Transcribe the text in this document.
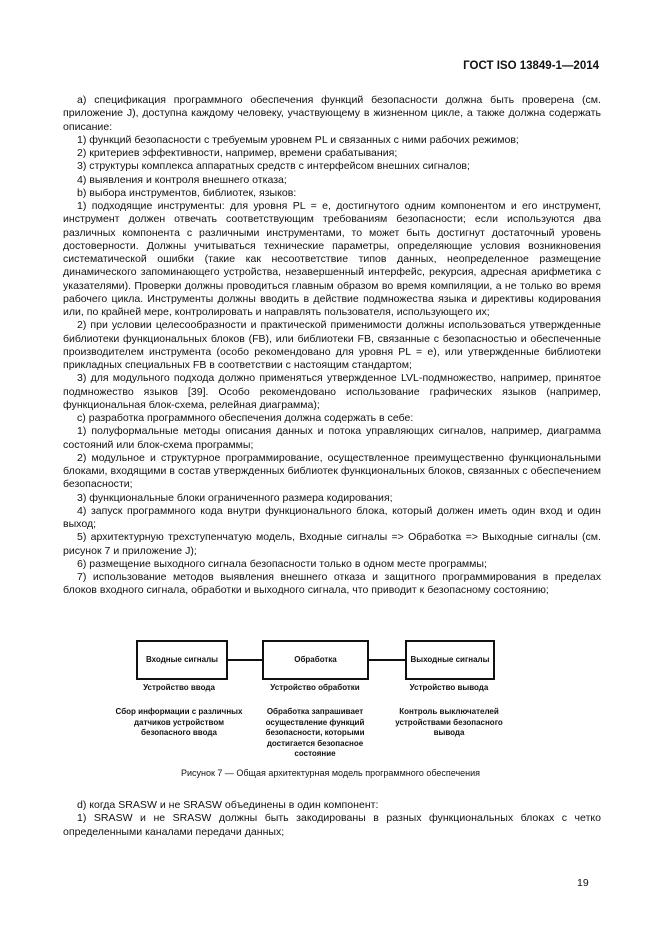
ГОСТ ISO 13849-1—2014

а) спецификация программного обеспечения функций безопасности должна быть проверена (см. приложение J), доступна каждому человеку, участвующему в жизненном цикле, а также должна содержать описание:

1) функций безопасности с требуемым уровнем PL и связанных с ними рабочих режимов;

2) критериев эффективности, например, времени срабатывания;

3) структуры комплекса аппаратных средств с интерфейсом внешних сигналов;

4) выявления и контроля внешнего отказа;

b) выбора инструментов, библиотек, языков:

1) подходящие инструменты: для уровня PL = e, достигнутого одним компонентом и его инструмент, инструмент должен отвечать соответствующим требованиям безопасности; если используются два различных компонента с различными инструментами, то может быть достигнут достаточный уровень достоверности. Должны учитываться технические параметры, определяющие условия возникновения систематической ошибки (такие как несоответствие типов данных, неопределенное размещение динамического запоминающего устройства, незавершенный интерфейс, рекурсия, адресная арифметика с указателями). Проверки должны проводиться главным образом во время компиляции, а не только во время рабочего цикла. Инструменты должны вводить в действие подмножества языка и директивы кодирования или, по крайней мере, контролировать и направлять пользователя, использующего их;

2) при условии целесообразности и практической применимости должны использоваться утвержденные библиотеки функциональных блоков (FB), или библиотеки FB, связанные с безопасностью и обеспеченные производителем инструмента (особо рекомендовано для уровня PL = e), или утвержденные библиотеки прикладных специальных FB в соответствии с настоящим стандартом;

3) для модульного подхода должно применяться утвержденное LVL-подмножество, например, принятое подмножество языков [39]. Особо рекомендовано использование графических языков (например, функциональная блок-схема, релейная диаграмма);

c) разработка программного обеспечения должна содержать в себе:

1) полуформальные методы описания данных и потока управляющих сигналов, например, диаграмма состояний или блок-схема программы;

2) модульное и структурное программирование, осуществленное преимущественно функциональными блоками, входящими в состав утвержденных библиотек функциональных блоков, связанных с обеспечением безопасности;

3) функциональные блоки ограниченного размера кодирования;

4) запуск программного кода внутри функционального блока, который должен иметь один вход и один выход;

5) архитектурную трехступенчатую модель, Входные сигналы => Обработка => Выходные сигналы (см. рисунок 7 и приложение J);

6) размещение выходного сигнала безопасности только в одном месте программы;

7) использование методов выявления внешнего отказа и защитного программирования в пределах блоков входного сигнала, обработки и выходного сигнала, что приводит к безопасному состоянию;

Входные сигналы	Обработка	Выходные сигналы
Устройство ввода	Устройство обработки	Устройство вывода
Сбор информации с различных датчиков устройством безопасного ввода
Обработка запрашивает осуществление функций безопасности, которыми достигается безопасное состояние
Контроль выключателей устройствами безопасного вывода
Рисунок 7 — Общая архитектурная модель программного обеспечения

d) когда SRASW и не SRASW объединены в один компонент:

1) SRASW и не SRASW должны быть закодированы в разных функциональных блоках с четко определенными каналами передачи данных;

19
